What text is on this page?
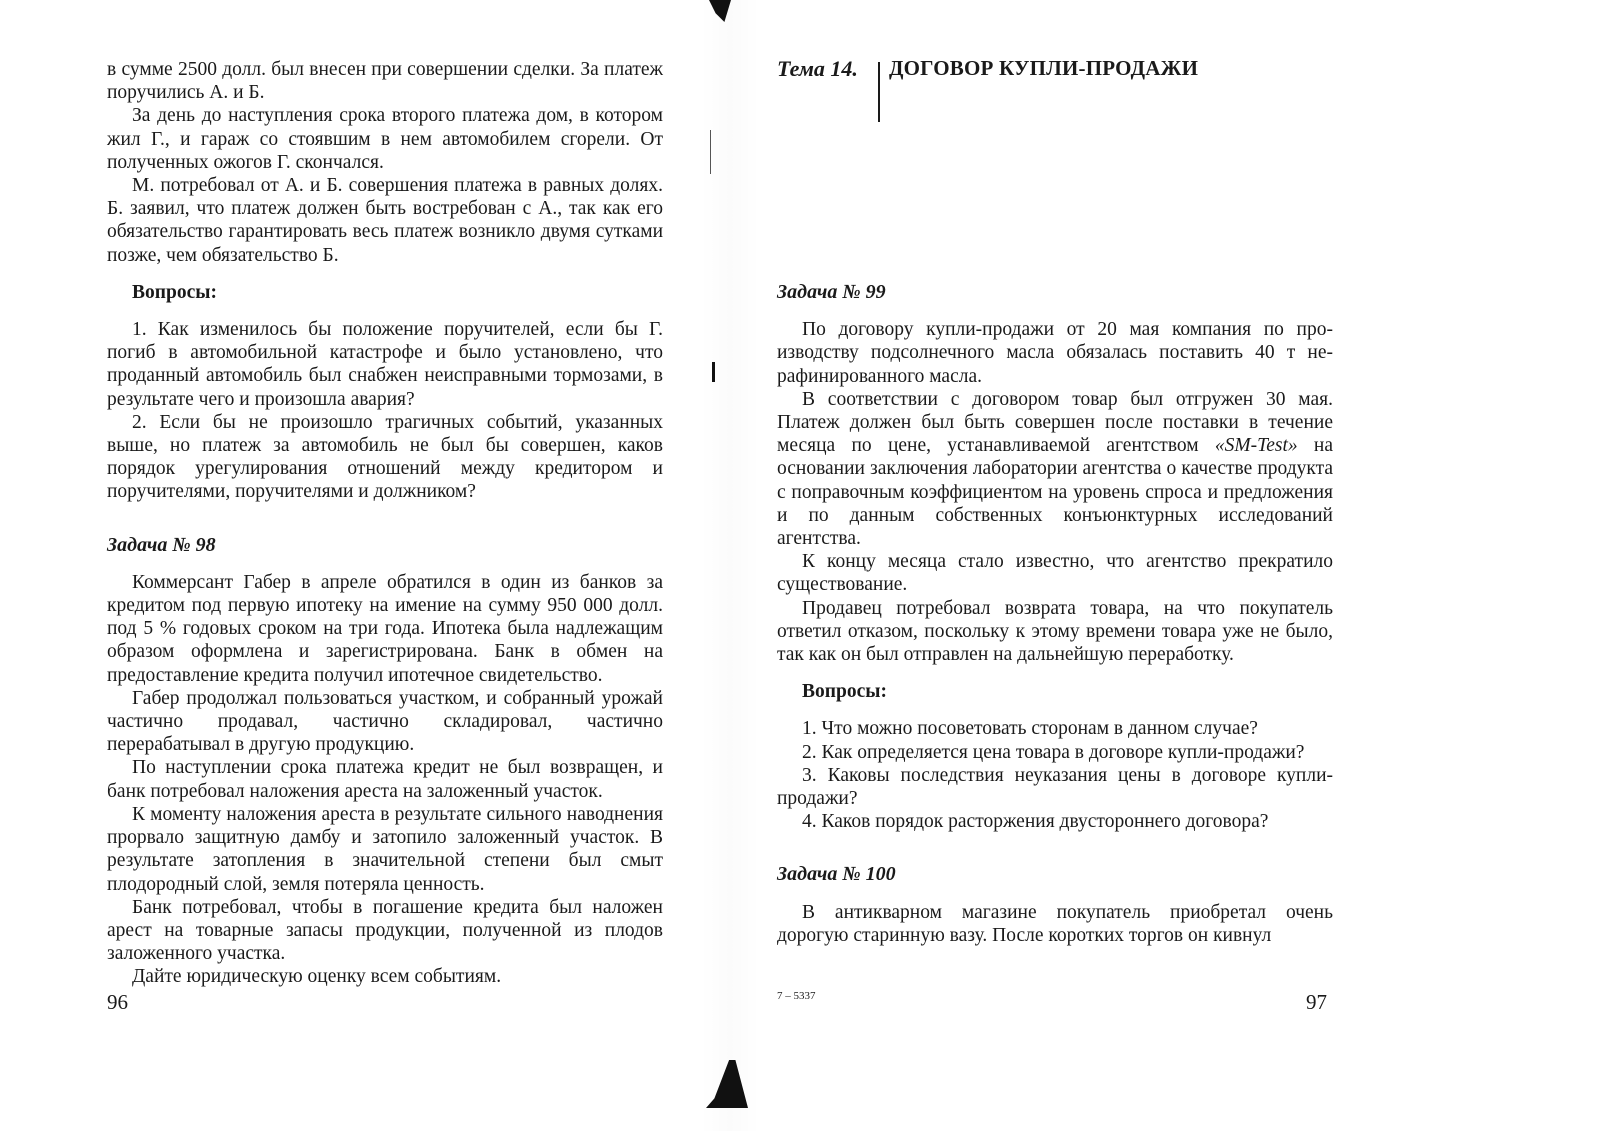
в сумме 2500 долл. был внесен при совершении сделки. За платеж поручились А. и Б.

За день до наступления срока второго платежа дом, в котором жил Г., и гараж со стоявшим в нем автомобилем сгорели. От полученных ожогов Г. скончался.

М. потребовал от А. и Б. совершения платежа в равных долях. Б. заявил, что платеж должен быть востребован с А., так как его обязательство гарантировать весь платеж возникло двумя сутками позже, чем обязательство Б.

Вопросы:

1. Как изменилось бы положение поручителей, если бы Г. погиб в автомобильной катастрофе и было установлено, что проданный автомобиль был снабжен неисправными тормозами, в результате чего и произошла авария?

2. Если бы не произошло трагичных событий, указанных выше, но платеж за автомобиль не был бы совершен, каков порядок урегулирования отношений между кредитором и поручителями, поручителями и должником?

Задача № 98

Коммерсант Габер в апреле обратился в один из банков за кредитом под первую ипотеку на имение на сумму 950 000 долл. под 5 % годовых сроком на три года. Ипотека была надлежащим образом оформлена и зарегистрирована. Банк в обмен на предоставление кредита получил ипотечное свидетельство.

Габер продолжал пользоваться участком, и собранный урожай частично продавал, частично складировал, частично перерабатывал в другую продукцию.

По наступлении срока платежа кредит не был возвращен, и банк потребовал наложения ареста на заложенный участок.

К моменту наложения ареста в результате сильного наводнения прорвало защитную дамбу и затопило заложенный участок. В результате затопления в значительной степени был смыт плодородный слой, земля потеряла ценность.

Банк потребовал, чтобы в погашение кредита был наложен арест на товарные запасы продукции, полученной из плодов заложенного участка.

Дайте юридическую оценку всем событиям.

96
Тема 14. ДОГОВОР КУПЛИ-ПРОДАЖИ
Задача № 99

По договору купли-продажи от 20 мая компания по производству подсолнечного масла обязалась поставить 40 т нерафинированного масла.

В соответствии с договором товар был отгружен 30 мая. Платеж должен был быть совершен после поставки в течение месяца по цене, устанавливаемой агентством «SM-Test» на основании заключения лаборатории агентства о качестве продукта с поправочным коэффициентом на уровень спроса и предложения и по данным собственных конъюнктурных исследований агентства.

К концу месяца стало известно, что агентство прекратило существование.

Продавец потребовал возврата товара, на что покупатель ответил отказом, поскольку к этому времени товара уже не было, так как он был отправлен на дальнейшую переработку.

Вопросы:

1. Что можно посоветовать сторонам в данном случае?

2. Как определяется цена товара в договоре купли-продажи?

3. Каковы последствия неуказания цены в договоре купли-продажи?

4. Каков порядок расторжения двустороннего договора?

Задача № 100

В антикварном магазине покупатель приобретал очень дорогую старинную вазу. После коротких торгов он кивнул

7 – 5337	97
